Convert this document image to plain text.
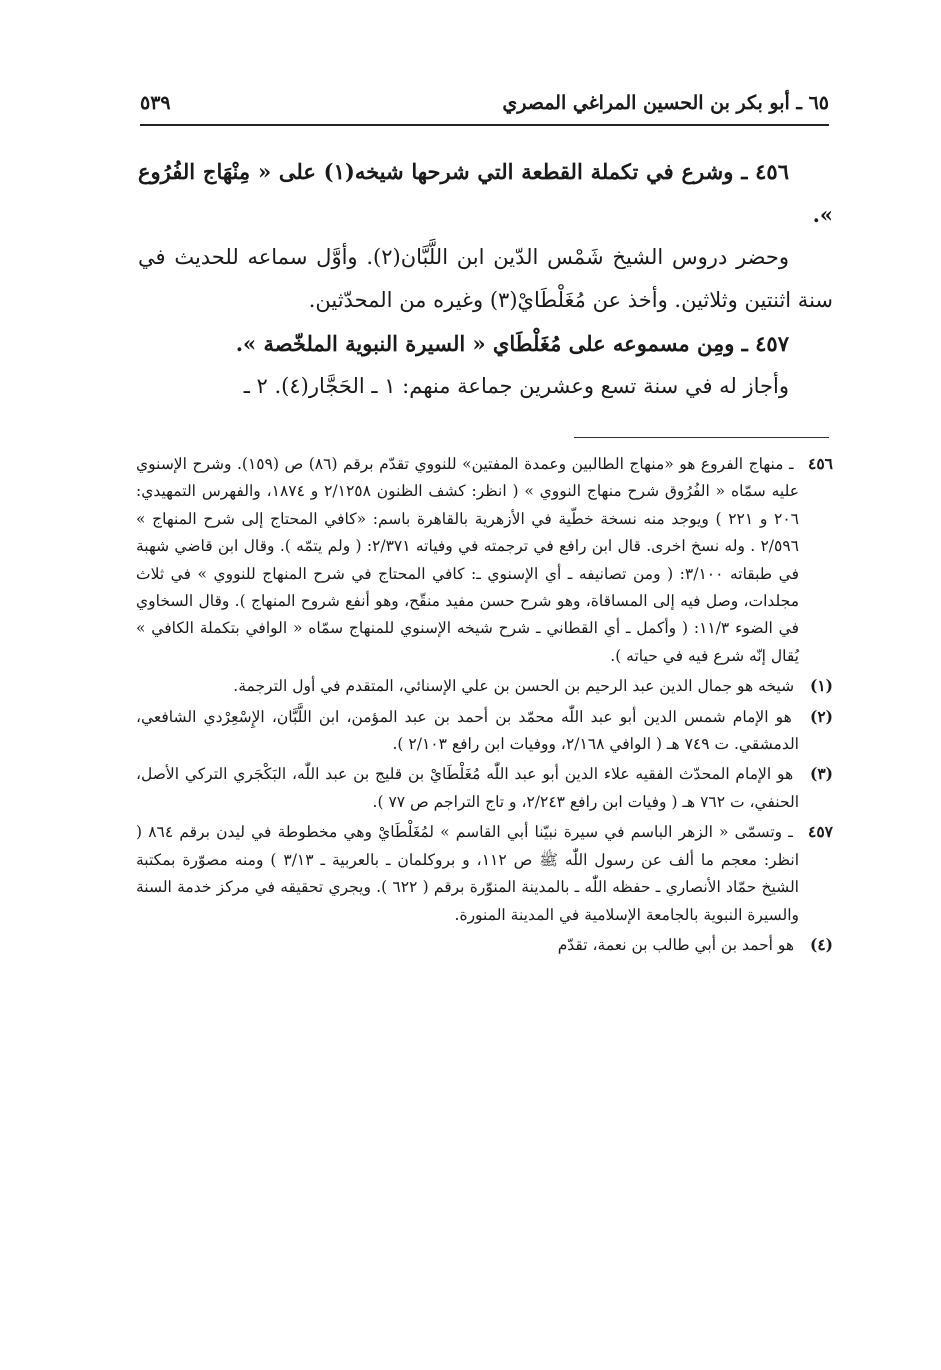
٦٥ ـ أبو بكر بن الحسين المراغي المصري
٥٣٩

٤٥٦ ـ وشرع في تكملة القطعة التي شرحها شيخه(١) على « مِنْهَاج الفُرُوع ».

وحضر دروس الشيخ شَمْس الدّين ابن اللَّبَّان(٢). وأوَّل سماعه للحديث في سنة اثنتين وثلاثين. وأخذ عن مُغَلْطَايْ(٣) وغيره من المحدّثين.

٤٥٧ ـ ومِن مسموعه على مُغَلْطَاي « السيرة النبوية الملخّصة ».

وأجاز له في سنة تسع وعشرين جماعة منهم: ١ ـ الحَجَّار(٤). ٢ ـ

٤٥٦ ـ منهاج الفروع هو «منهاج الطالبين وعمدة المفتين» للنووي تقدّم برقم (٨٦) ص (١٥٩). وشرح الإسنوي عليه سمّاه « الفُرُوق شرح منهاج النووي » ( انظر: كشف الظنون ٢/١٢٥٨ و ١٨٧٤، والفهرس التمهيدي: ٢٠٦ و ٢٢١ ) ويوجد منه نسخة خطّية في الأزهرية بالقاهرة باسم: «كافي المحتاج إلى شرح المنهاج » ٢/٥٩٦ . وله نسخ اخرى. قال ابن رافع في ترجمته في وفياته ٢/٣٧١: ( ولم يتمّه ). وقال ابن قاضي شهبة في طبقاته ٣/١٠٠: ( ومن تصانيفه ـ أي الإسنوي ـ: كافي المحتاج في شرح المنهاج للنووي » في ثلاث مجلدات، وصل فيه إلى المساقاة، وهو شرح حسن مفيد منقّح، وهو أنفع شروح المنهاج ). وقال السخاوي في الضوء ١١/٣: ( وأكمل ـ أي القطاني ـ شرح شيخه الإسنوي للمنهاج سمّاه « الوافي بتكملة الكافي » يُقال إنّه شرع فيه في حياته ).

(١) شيخه هو جمال الدين عبد الرحيم بن الحسن بن علي الإسنائي، المتقدم في أول الترجمة.

(٢) هو الإمام شمس الدين أبو عبد اللّٰه محمّد بن أحمد بن عبد المؤمن، ابن اللَّبَّان، الإِسْعِرْدي الشافعي، الدمشقي. ت ٧٤٩ هـ ( الوافي ٢/١٦٨، ووفيات ابن رافع ٢/١٠٣ ).

(٣) هو الإمام المحدّث الفقيه علاء الدين أبو عبد اللّٰه مُغَلْطَايْ بن قليج بن عبد اللّٰه، البَكْجَري التركي الأصل، الحنفي، ت ٧٦٢ هـ ( وفيات ابن رافع ٢/٢٤٣، و تاج التراجم ص ٧٧ ).

٤٥٧ ـ وتسمّى « الزهر الباسم في سيرة نبيّنا أبي القاسم » لمُغَلْطَايْ وهي مخطوطة في ليدن برقم ٨٦٤ ( انظر: معجم ما ألف عن رسول اللّٰه ﷺ ص ١١٢، و بروكلمان ـ بالعربية ـ ٣/١٣ ) ومنه مصوّرة بمكتبة الشيخ حمّاد الأنصاري ـ حفظه اللّٰه ـ بالمدينة المنوّرة برقم ( ٦٢٢ ). ويجري تحقيقه في مركز خدمة السنة والسيرة النبوية بالجامعة الإسلامية في المدينة المنورة.

(٤) هو أحمد بن أبي طالب بن نعمة، تقدّم
